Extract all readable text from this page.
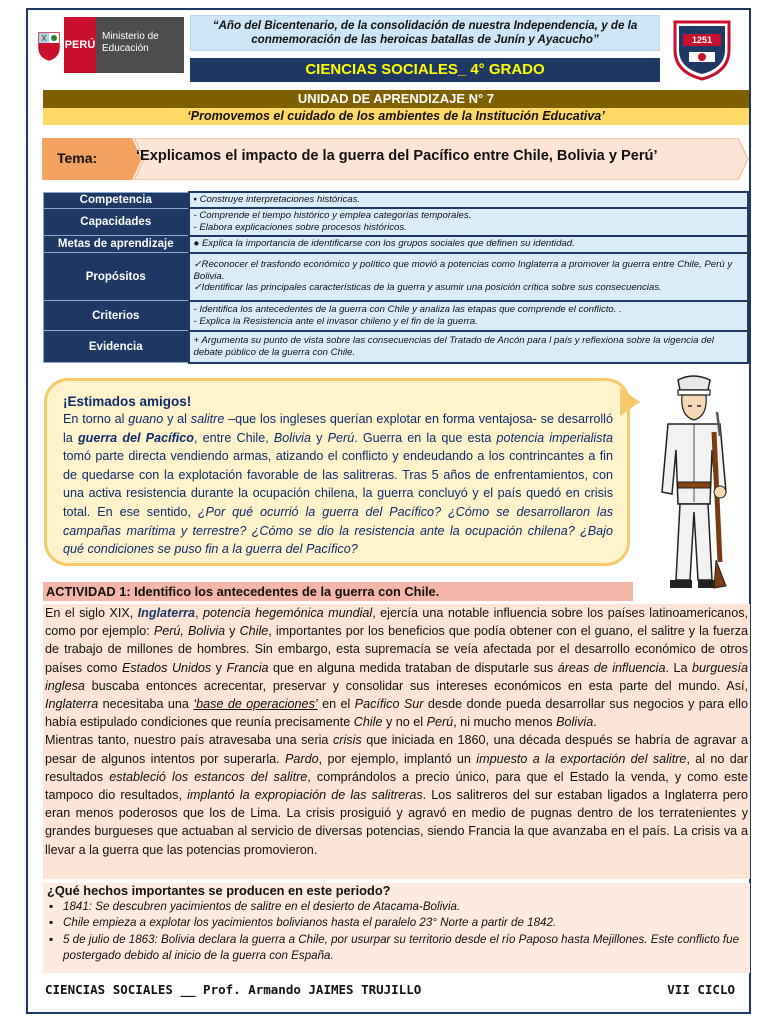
PERÚ
Ministerio de Educación
“Año del Bicentenario, de la consolidación de nuestra Independencia, y de la conmemoración de las heroicas batallas de Junín y Ayacucho”
CIENCIAS SOCIALES_ 4° GRADO
1251
UNIDAD DE APRENDIZAJE N° 7
‘Promovemos el cuidado de los ambientes de la Institución Educativa’
Tema:	‘Explicamos el impacto de la guerra del Pacífico entre Chile, Bolivia y Perú’
Competencia	▪ Construye interpretaciones históricas.

Capacidades	- Comprende el tiempo histórico y emplea categorías temporales.
- Elabora explicaciones sobre procesos históricos.

Metas de aprendizaje	● Explica la importancia de identificarse con los grupos sociales que definen su identidad.

Propósitos	✓Reconocer el trasfondo económico y político que movió a potencias como Inglaterra a promover la guerra entre Chile, Perú y Bolivia.
✓Identificar las principales características de la guerra y asumir una posición crítica sobre sus consecuencias.

Criterios	- Identifica los antecedentes de la guerra con Chile y analiza las etapas que comprende el conflicto. .
- Explica la Resistencia ante el invasor chileno y el fin de la guerra.

Evidencia	+ Argumenta su punto de vista sobre las consecuencias del Tratado de Ancón para l país y reflexiona sobre la vigencia del debate público de la guerra con Chile.
¡Estimados amigos!

En torno al guano y al salitre –que los ingleses querían explotar en forma ventajosa- se desarrolló la guerra del Pacífico, entre Chile, Bolivia y Perú. Guerra en la que esta potencia imperialista tomó parte directa vendiendo armas, atizando el conflicto y endeudando a los contrincantes a fin de quedarse con la explotación favorable de las salitreras. Tras 5 años de enfrentamientos, con una activa resistencia durante la ocupación chilena, la guerra concluyó y el país quedó en crisis total. En ese sentido, ¿Por qué ocurrió la guerra del Pacífico? ¿Cómo se desarrollaron las campañas marítima y terrestre? ¿Cómo se dio la resistencia ante la ocupación chilena? ¿Bajo qué condiciones se puso fin a la guerra del Pacífico?

ACTIVIDAD 1: Identifico los antecedentes de la guerra con Chile.

En el siglo XIX, Inglaterra, potencia hegemónica mundial, ejercía una notable influencia sobre los países latinoamericanos, como por ejemplo: Perú, Bolivia y Chile, importantes por los beneficios que podía obtener con el guano, el salitre y la fuerza de trabajo de millones de hombres. Sin embargo, esta supremacía se veía afectada por el desarrollo económico de otros países como Estados Unidos y Francia que en alguna medida trataban de disputarle sus áreas de influencia. La burguesía inglesa buscaba entonces acrecentar, preservar y consolidar sus intereses económicos en esta parte del mundo. Así, Inglaterra necesitaba una ‘base de operaciones’ en el Pacífico Sur desde donde pueda desarrollar sus negocios y para ello había estipulado condiciones que reunía precisamente Chile y no el Perú, ni mucho menos Bolivia.

Mientras tanto, nuestro país atravesaba una seria crisis que iniciada en 1860, una década después se habría de agravar a pesar de algunos intentos por superarla. Pardo, por ejemplo, implantó un impuesto a la exportación del salitre, al no dar resultados estableció los estancos del salitre, comprándolos a precio único, para que el Estado la venda, y como este tampoco dio resultados, implantó la expropiación de las salitreras. Los salitreros del sur estaban ligados a Inglaterra pero eran menos poderosos que los de Lima. La crisis prosiguió y agravó en medio de pugnas dentro de los terratenientes y grandes burgueses que actuaban al servicio de diversas potencias, siendo Francia la que avanzaba en el país. La crisis va a llevar a la guerra que las potencias promovieron.

¿Qué hechos importantes se producen en este periodo?
▪ 1841: Se descubren yacimientos de salitre en el desierto de Atacama-Bolivia.
▪ Chile empieza a explotar los yacimientos bolivianos hasta el paralelo 23° Norte a partir de 1842.
▪ 5 de julio de 1863: Bolivia declara la guerra a Chile, por usurpar su territorio desde el río Paposo hasta Mejillones. Este conflicto fue postergado debido al inicio de la guerra con España.
CIENCIAS SOCIALES __ Prof. Armando JAIMES TRUJILLO	VII CICLO
